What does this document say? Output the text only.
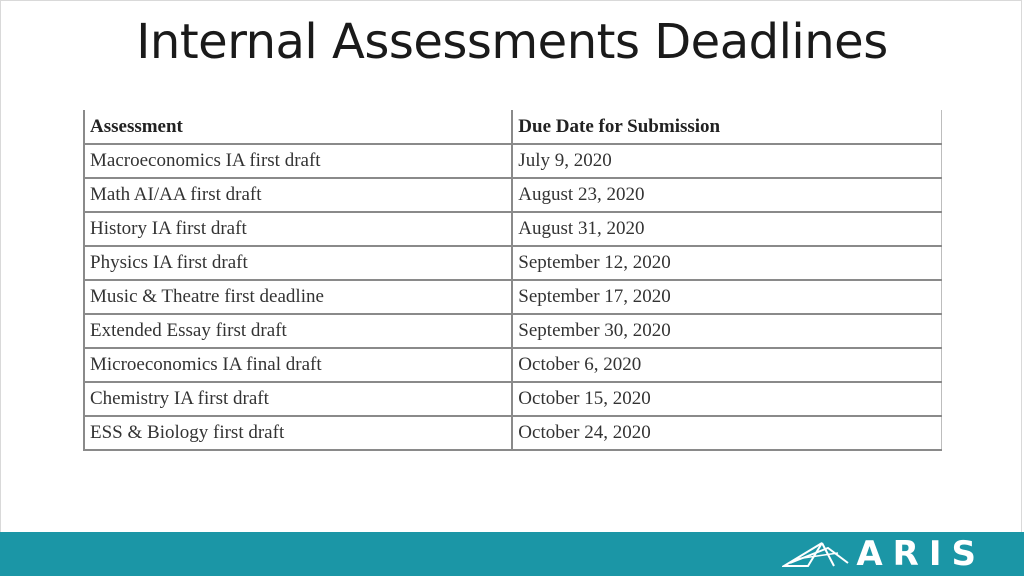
Internal Assessments Deadlines
Assessment	Due Date for Submission
Macroeconomics IA first draft	July 9, 2020
Math AI/AA first draft	August 23, 2020
History IA first draft	August 31, 2020
Physics IA first draft	September 12, 2020
Music & Theatre first deadline	September 17, 2020
Extended Essay first draft	September 30, 2020
Microeconomics IA final draft	October 6, 2020
Chemistry IA first draft	October 15, 2020
ESS & Biology first draft	October 24, 2020
ARIS
